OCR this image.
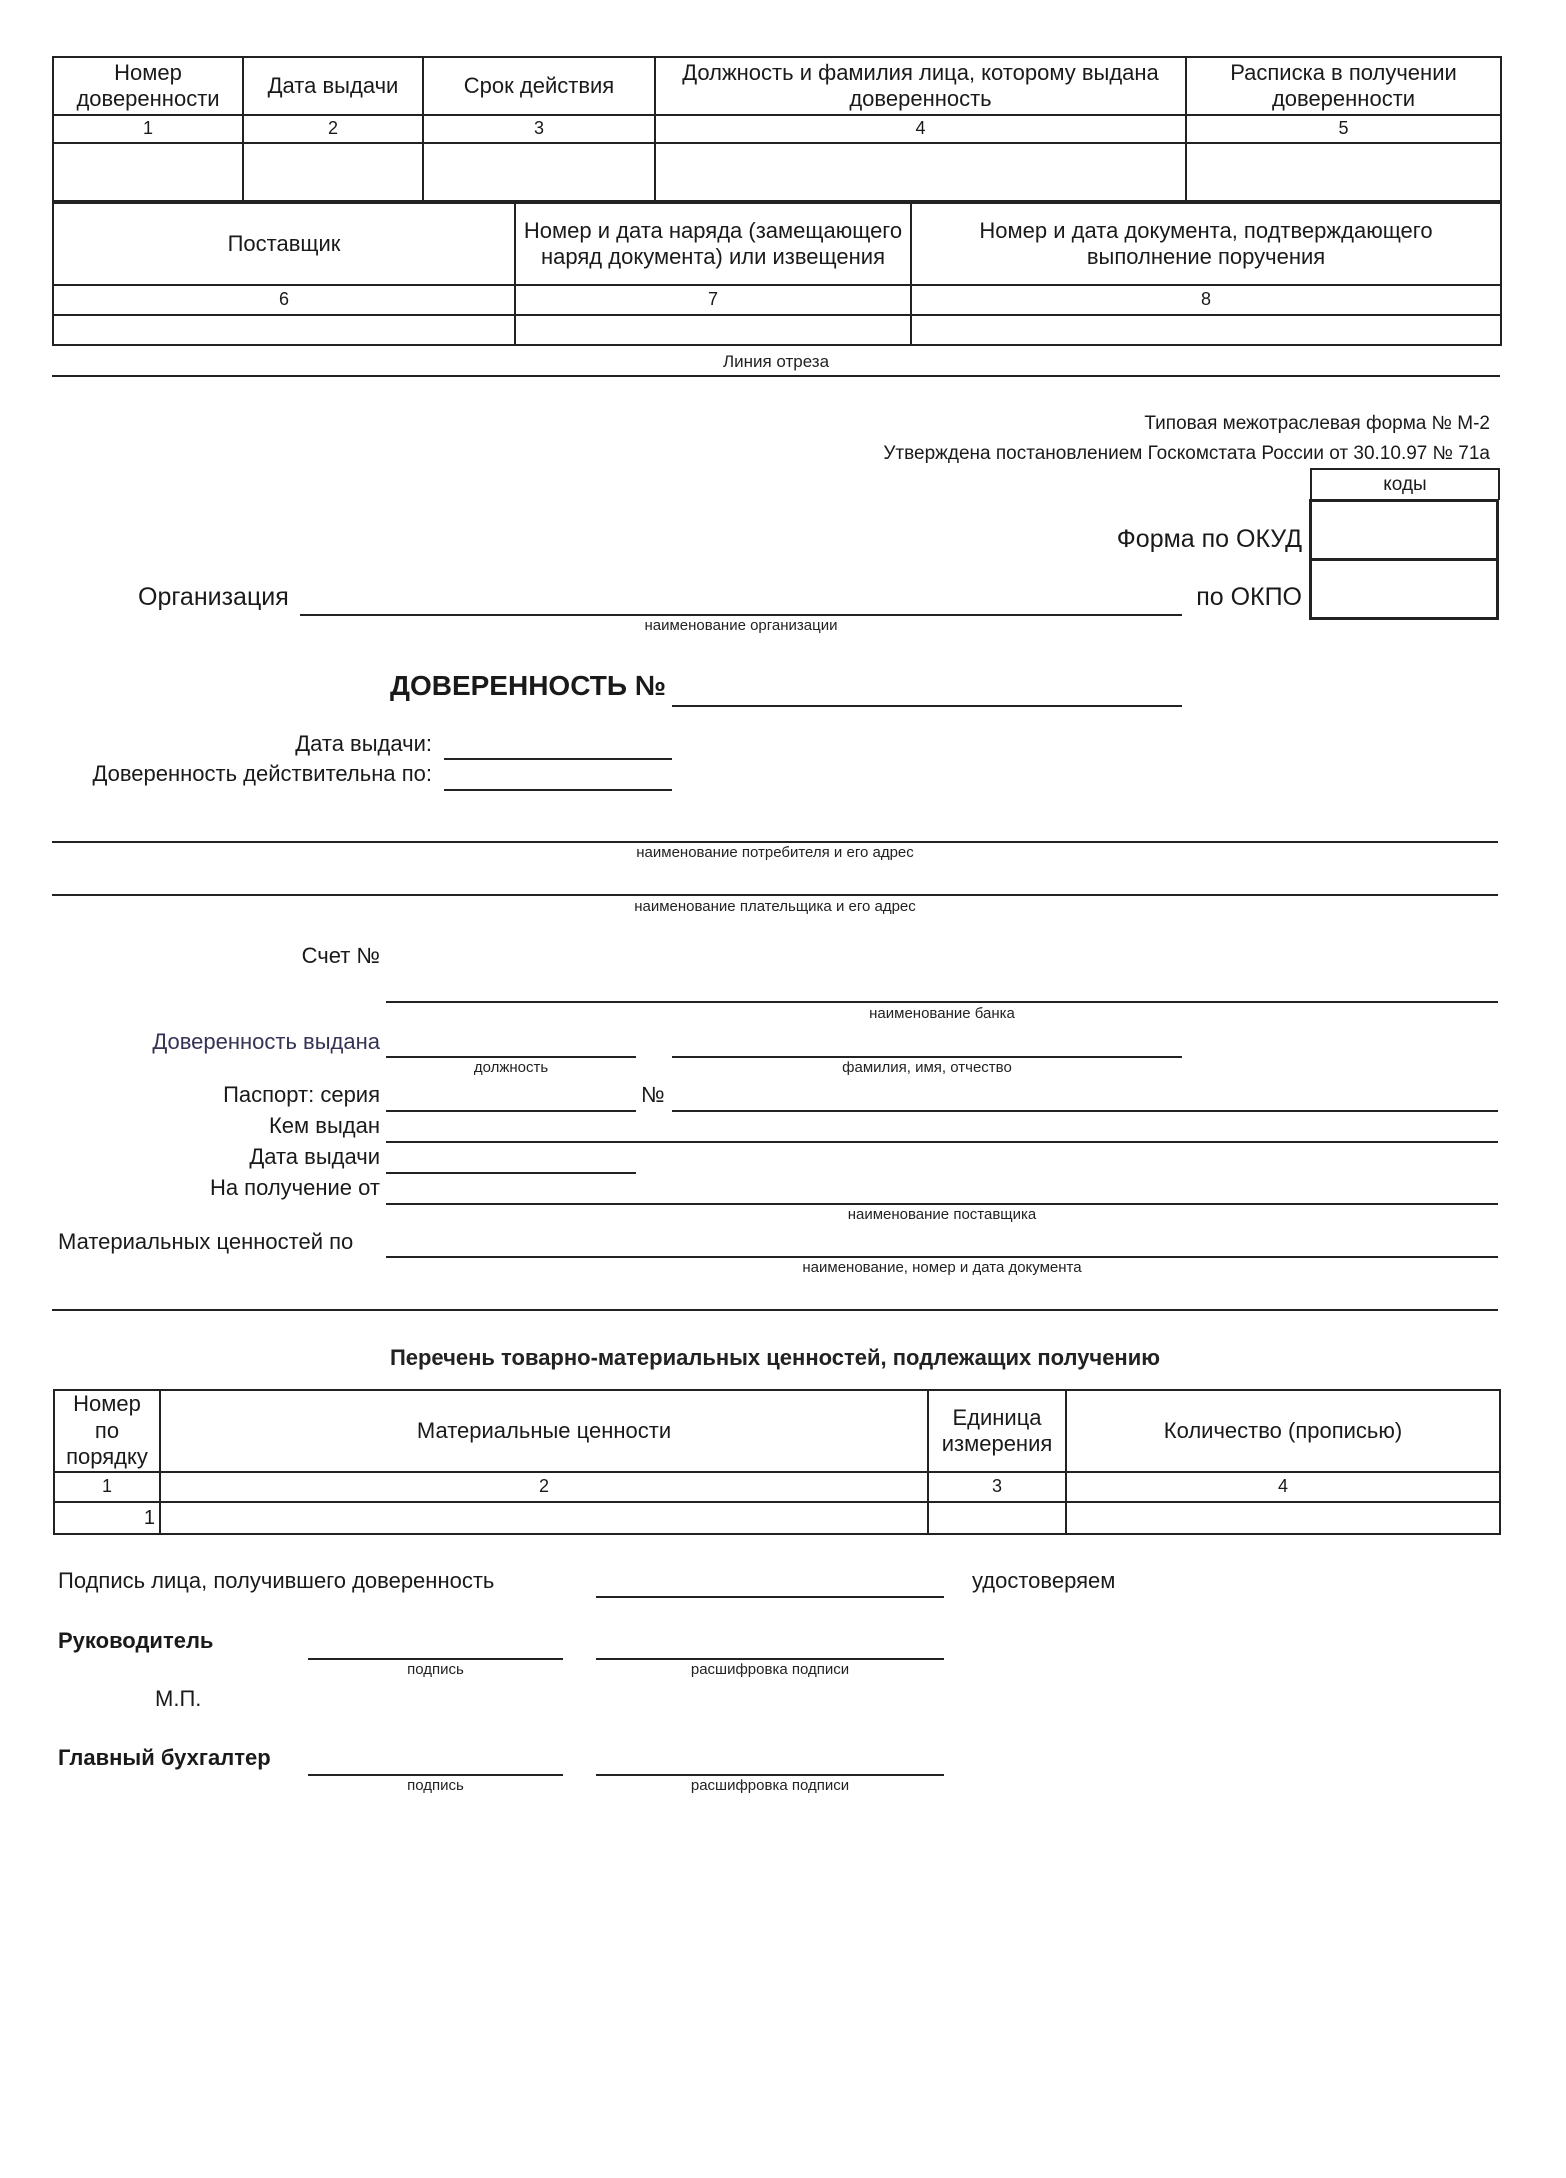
Номер доверенности	Дата выдачи	Срок действия	Должность и фамилия лица, которому выдана доверенность	Расписка в получении доверенности
1	2	3	4	5

Поставщик	Номер и дата наряда (замещающего наряд документа) или извещения	Номер и дата документа, подтверждающего выполнение поручения
6	7	8

Линия отреза
Типовая межотраслевая форма № М-2
Утверждена постановлением Госкомстата России от 30.10.97 № 71а
коды
Форма по ОКУД
по ОКПО
Организация
наименование организации
ДОВЕРЕННОСТЬ №
Дата выдачи:
Доверенность действительна по:
наименование потребителя и его адрес
наименование плательщика и его адрес
Счет №
наименование банка
Доверенность выдана
должность	фамилия, имя, отчество
Паспорт: серия	№
Кем выдан
Дата выдачи
На получение от
наименование поставщика
Материальных ценностей по
наименование, номер и дата документа
Перечень товарно-материальных ценностей, подлежащих получению
Номер по порядку	Материальные ценности	Единица измерения	Количество (прописью)
1	2	3	4
1			
Подпись лица, получившего доверенность	удостоверяем
Руководитель
подпись	расшифровка подписи
М.П.
Главный бухгалтер
подпись	расшифровка подписи
